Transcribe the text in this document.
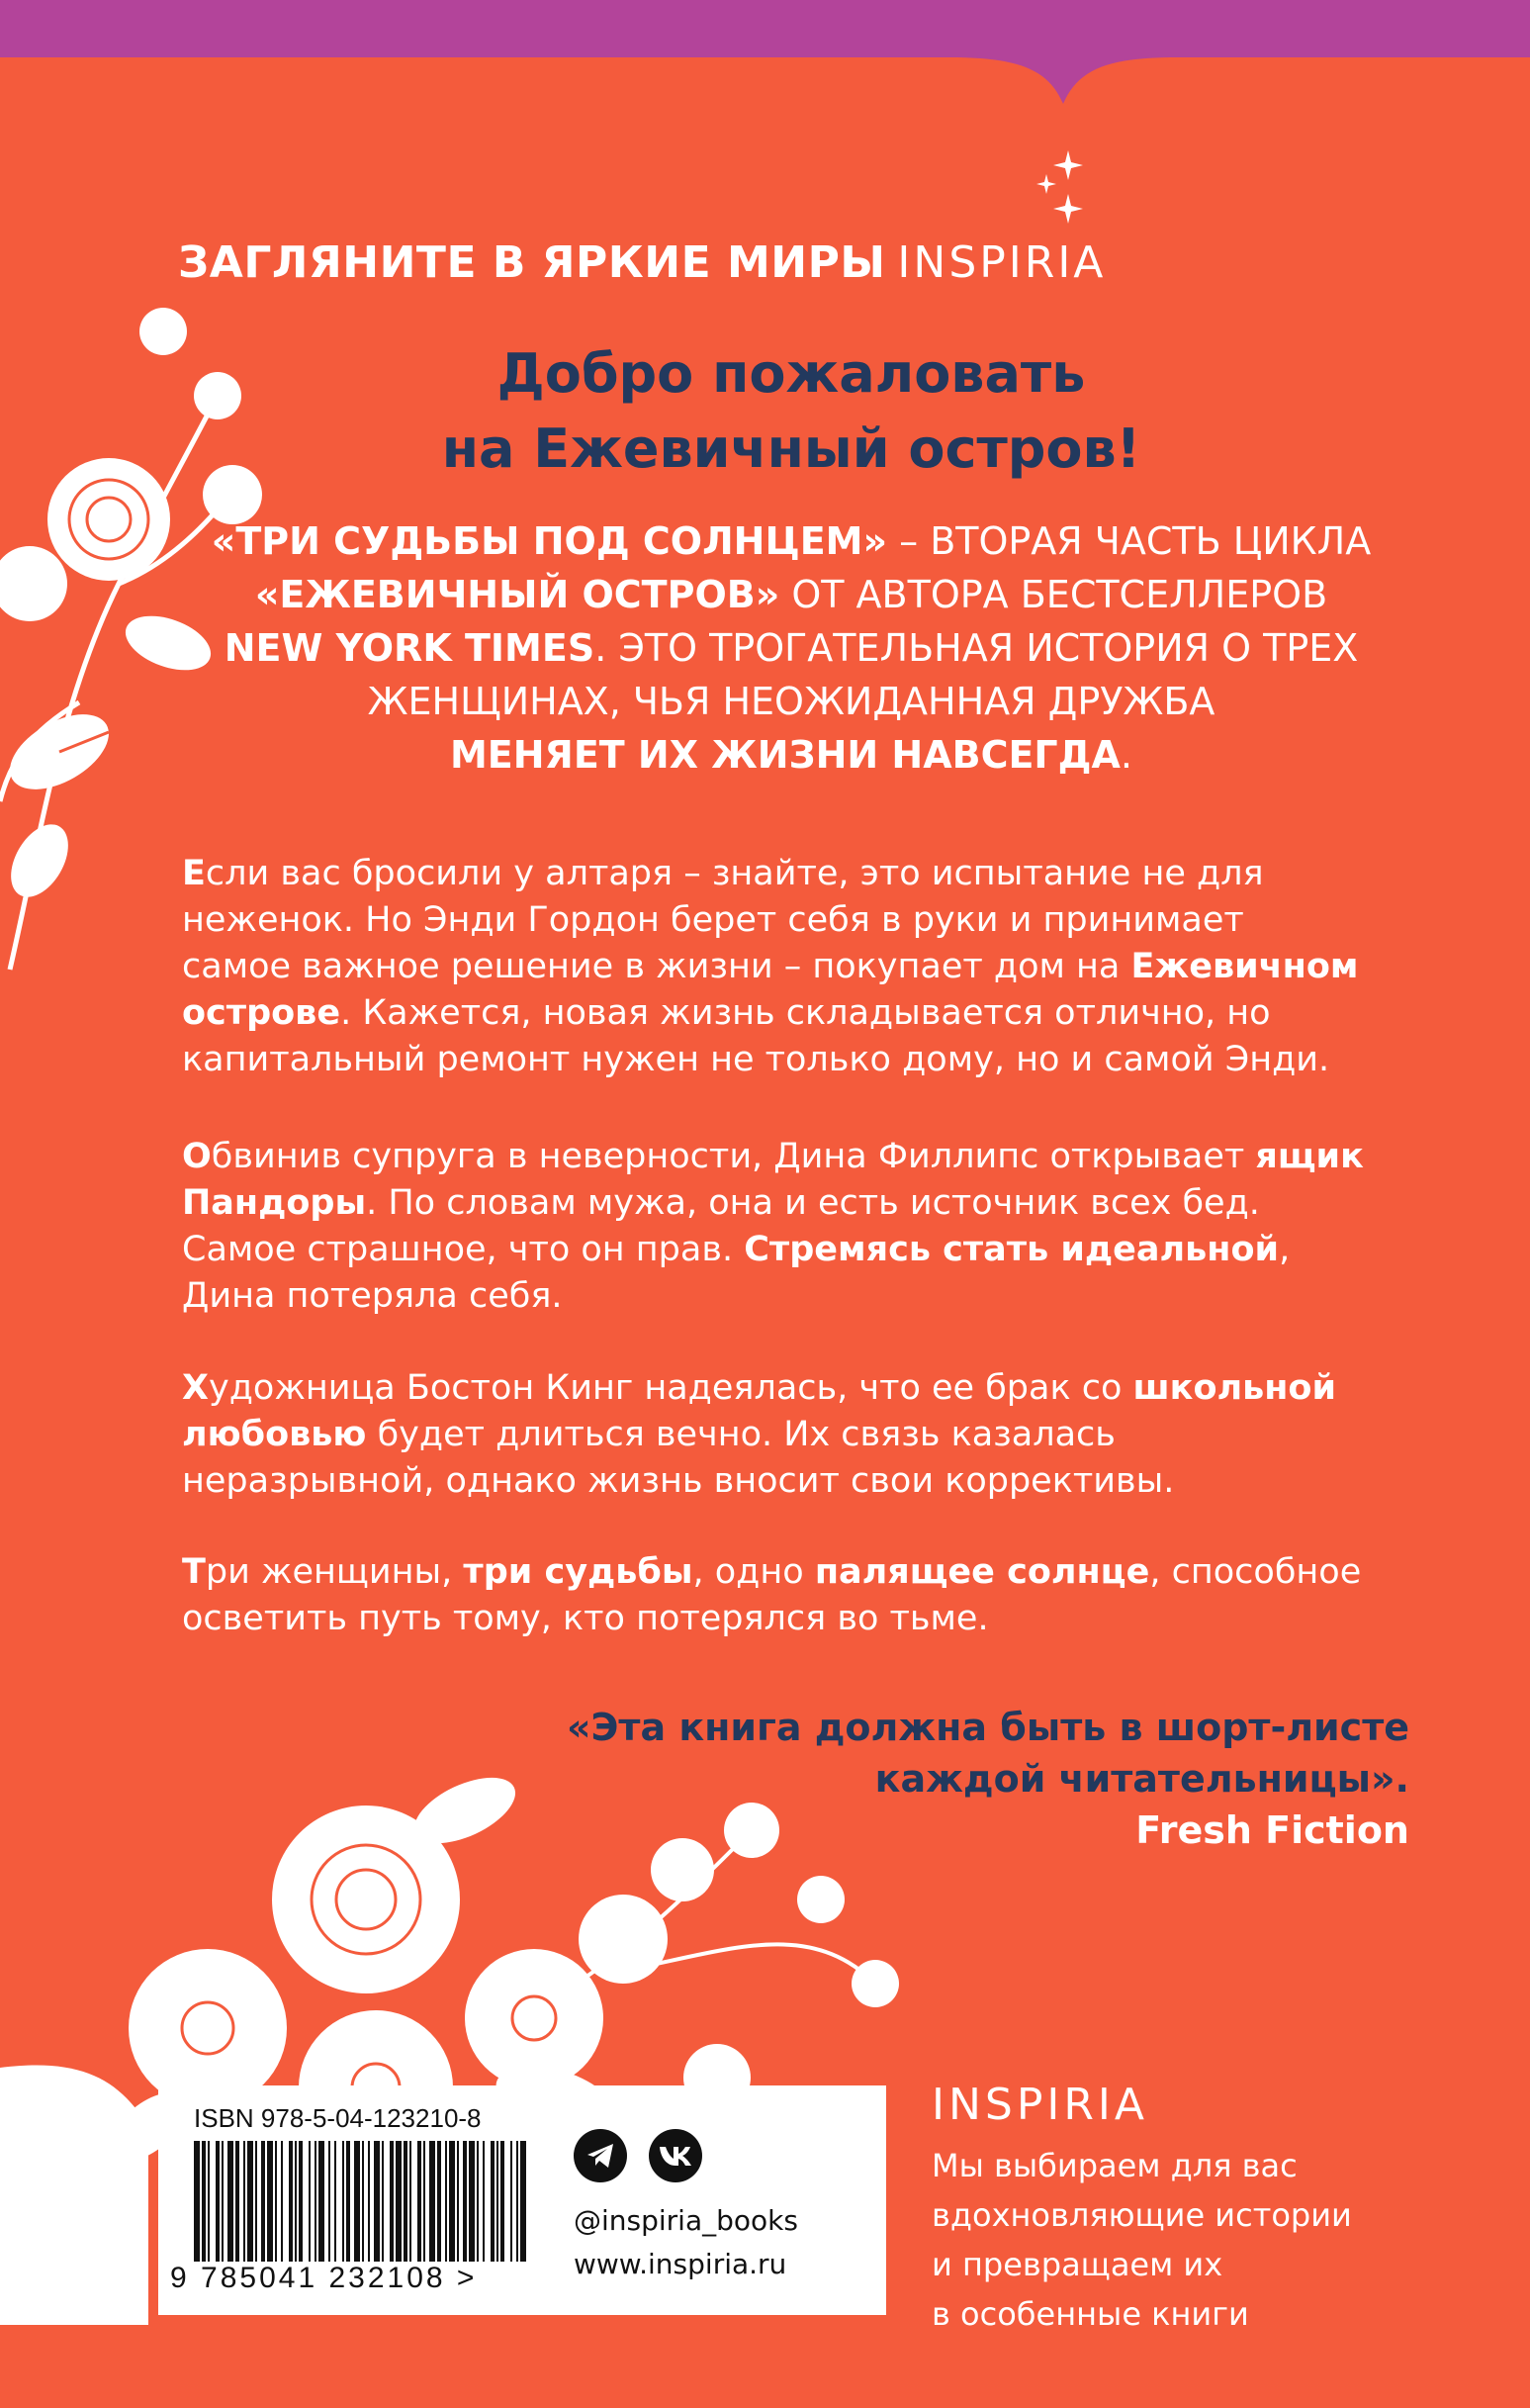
ЗАГЛЯНИТЕ В ЯРКИЕ МИРЫ INSPIRIA
Добро пожаловать
на Ежевичный остров!
«ТРИ СУДЬБЫ ПОД СОЛНЦЕМ» – ВТОРАЯ ЧАСТЬ ЦИКЛА
«ЕЖЕВИЧНЫЙ ОСТРОВ» ОТ АВТОРА БЕСТСЕЛЛЕРОВ
NEW YORK TIMES. ЭТО ТРОГАТЕЛЬНАЯ ИСТОРИЯ О ТРЕХ
ЖЕНЩИНАХ, ЧЬЯ НЕОЖИДАННАЯ ДРУЖБА
МЕНЯЕТ ИХ ЖИЗНИ НАВСЕГДА.
Если вас бросили у алтаря – знайте, это испытание не для
неженок. Но Энди Гордон берет себя в руки и принимает
самое важное решение в жизни – покупает дом на Ежевичном
острове. Кажется, новая жизнь складывается отлично, но
капитальный ремонт нужен не только дому, но и самой Энди.
Обвинив супруга в неверности, Дина Филлипс открывает ящик
Пандоры. По словам мужа, она и есть источник всех бед.
Самое страшное, что он прав. Стремясь стать идеальной,
Дина потеряла себя.
Художница Бостон Кинг надеялась, что ее брак со школьной
любовью будет длиться вечно. Их связь казалась
неразрывной, однако жизнь вносит свои коррективы.
Три женщины, три судьбы, одно палящее солнце, способное
осветить путь тому, кто потерялся во тьме.
«Эта книга должна быть в шорт-листе
каждой читательницы».
Fresh Fiction
ISBN 978-5-04-123210-8
9 785041 232108 >
@inspiria_books
www.inspiria.ru
INSPIRIA
Мы выбираем для вас
вдохновляющие истории
и превращаем их
в особенные книги
